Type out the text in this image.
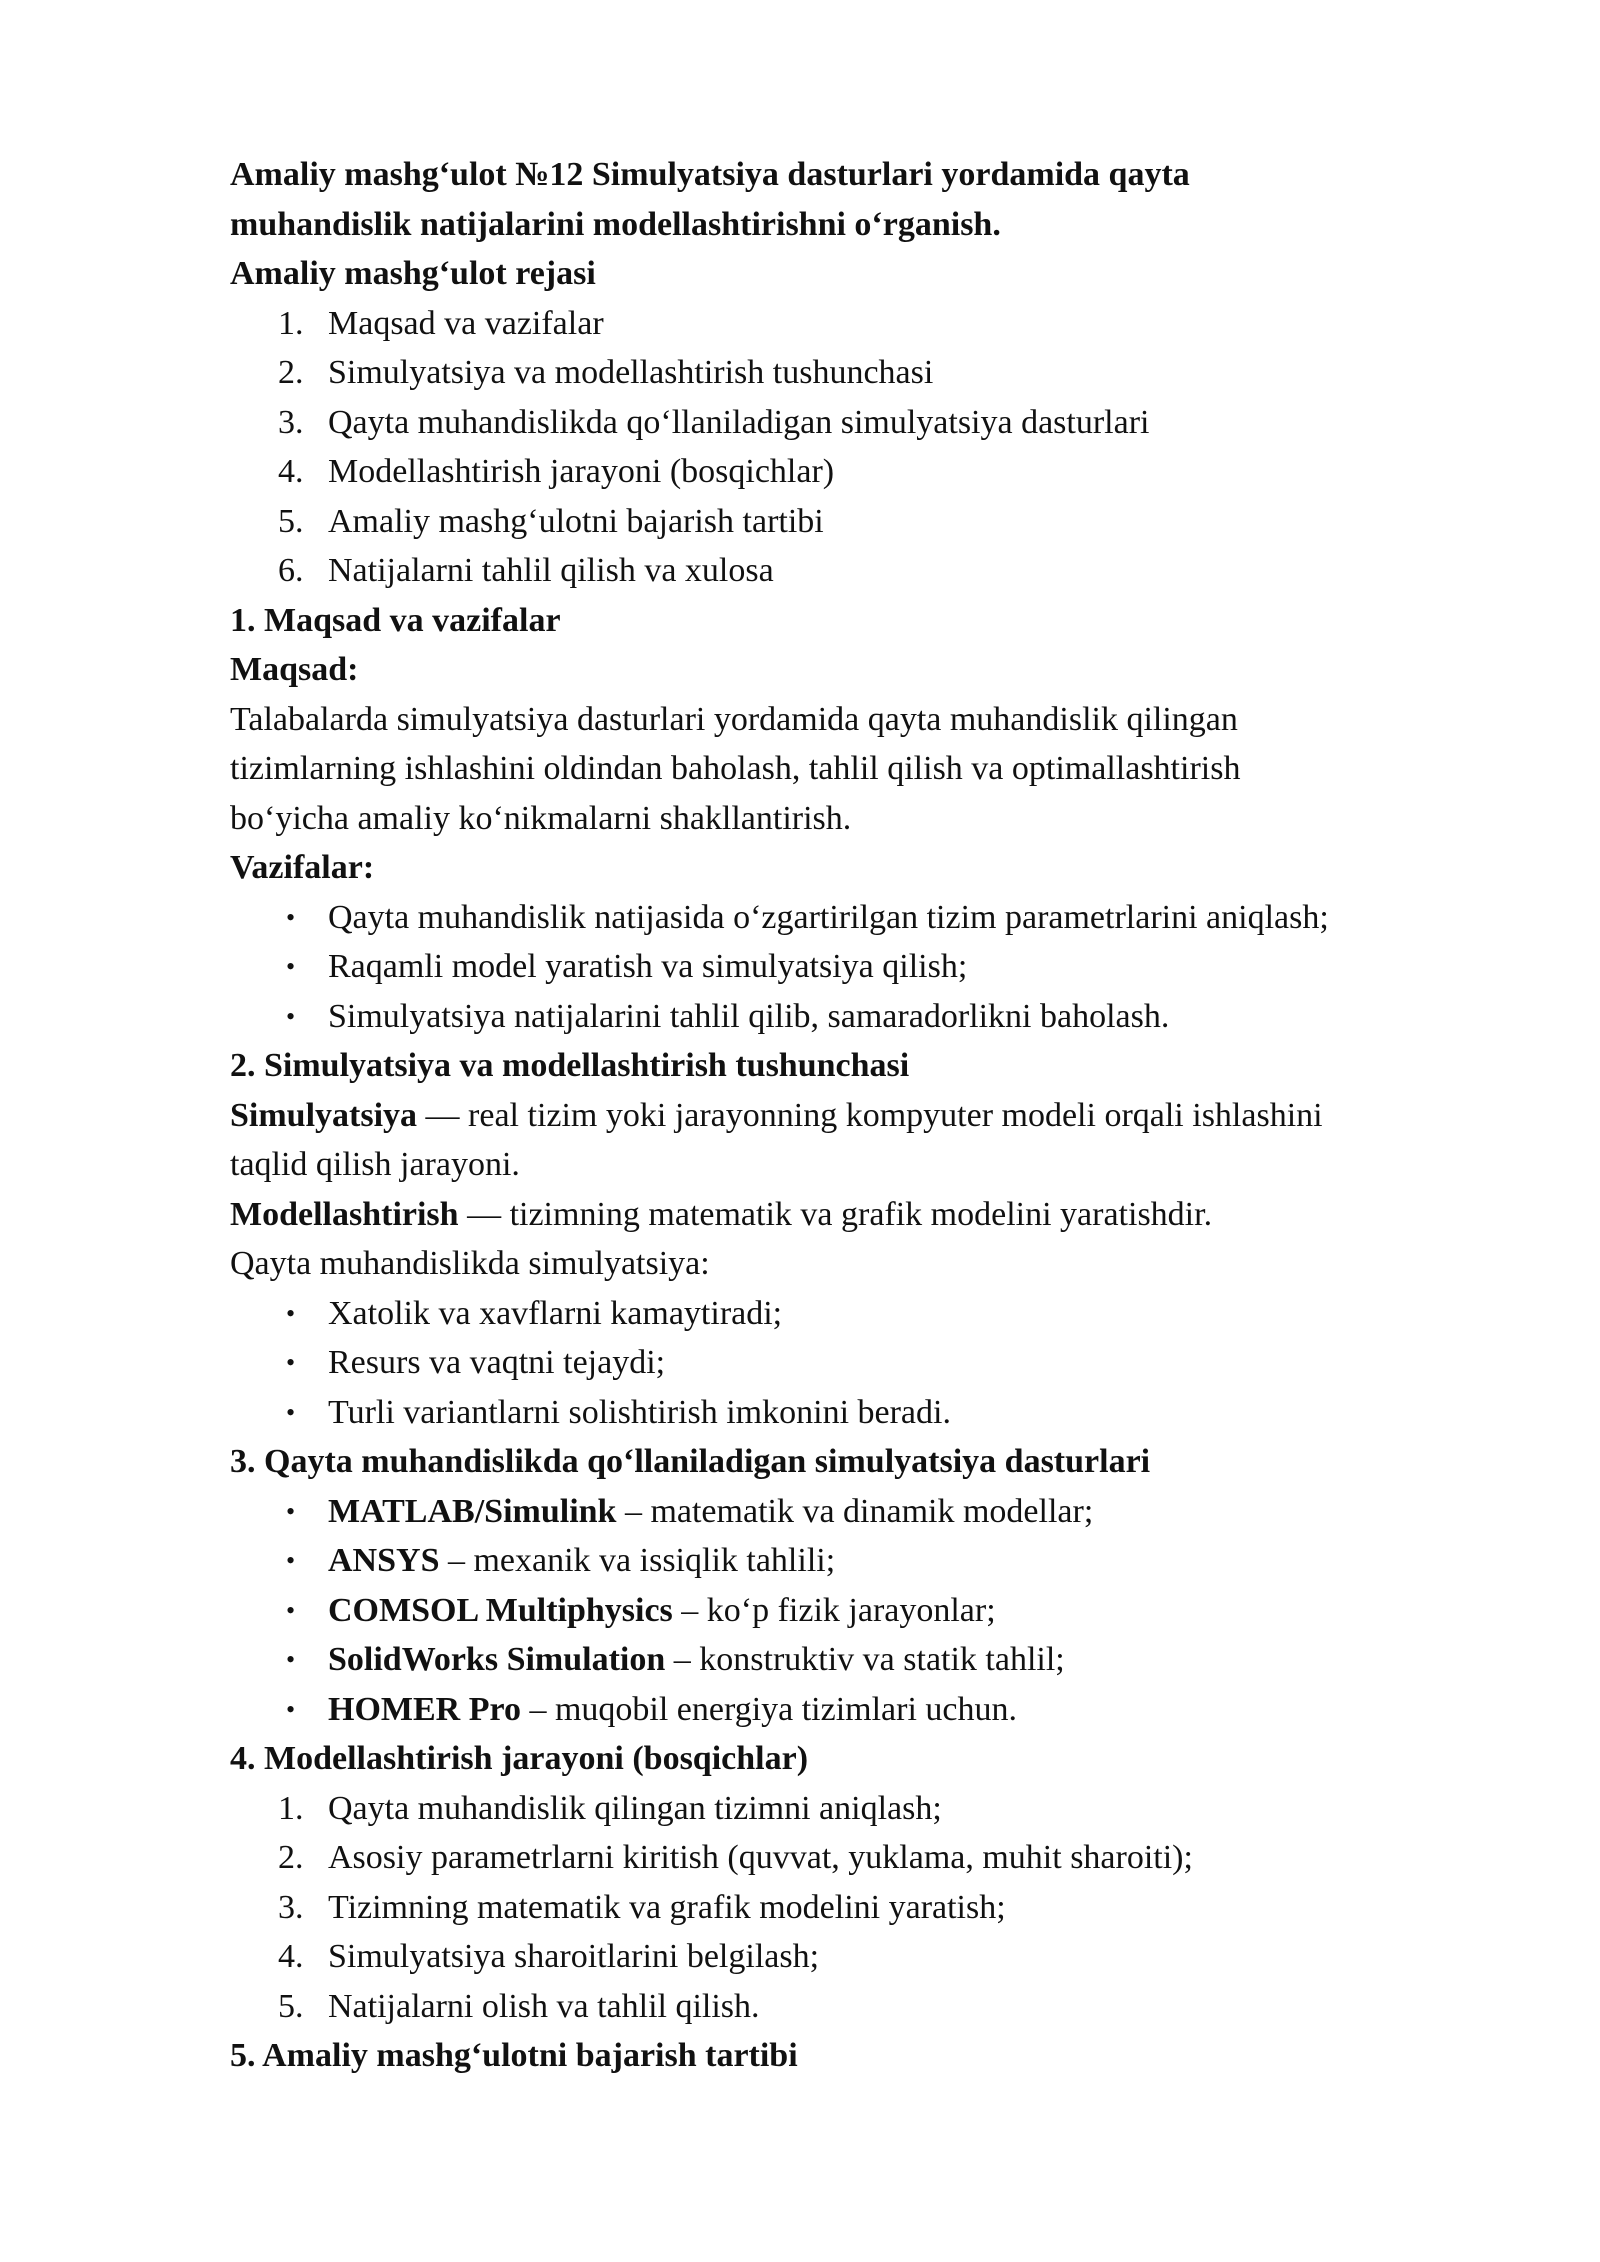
Amaliy mashg‘ulot №12 Simulyatsiya dasturlari yordamida qayta
muhandislik natijalarini modellashtirishni o‘rganish.
Amaliy mashg‘ulot rejasi
1. Maqsad va vazifalar
2. Simulyatsiya va modellashtirish tushunchasi
3. Qayta muhandislikda qo‘llaniladigan simulyatsiya dasturlari
4. Modellashtirish jarayoni (bosqichlar)
5. Amaliy mashg‘ulotni bajarish tartibi
6. Natijalarni tahlil qilish va xulosa
1. Maqsad va vazifalar
Maqsad:
Talabalarda simulyatsiya dasturlari yordamida qayta muhandislik qilingan
tizimlarning ishlashini oldindan baholash, tahlil qilish va optimallashtirish
bo‘yicha amaliy ko‘nikmalarni shakllantirish.
Vazifalar:
• Qayta muhandislik natijasida o‘zgartirilgan tizim parametrlarini aniqlash;
• Raqamli model yaratish va simulyatsiya qilish;
• Simulyatsiya natijalarini tahlil qilib, samaradorlikni baholash.
2. Simulyatsiya va modellashtirish tushunchasi
Simulyatsiya — real tizim yoki jarayonning kompyuter modeli orqali ishlashini
taqlid qilish jarayoni.
Modellashtirish — tizimning matematik va grafik modelini yaratishdir.
Qayta muhandislikda simulyatsiya:
• Xatolik va xavflarni kamaytiradi;
• Resurs va vaqtni tejaydi;
• Turli variantlarni solishtirish imkonini beradi.
3. Qayta muhandislikda qo‘llaniladigan simulyatsiya dasturlari
• MATLAB/Simulink – matematik va dinamik modellar;
• ANSYS – mexanik va issiqlik tahlili;
• COMSOL Multiphysics – ko‘p fizik jarayonlar;
• SolidWorks Simulation – konstruktiv va statik tahlil;
• HOMER Pro – muqobil energiya tizimlari uchun.
4. Modellashtirish jarayoni (bosqichlar)
1. Qayta muhandislik qilingan tizimni aniqlash;
2. Asosiy parametrlarni kiritish (quvvat, yuklama, muhit sharoiti);
3. Tizimning matematik va grafik modelini yaratish;
4. Simulyatsiya sharoitlarini belgilash;
5. Natijalarni olish va tahlil qilish.
5. Amaliy mashg‘ulotni bajarish tartibi
